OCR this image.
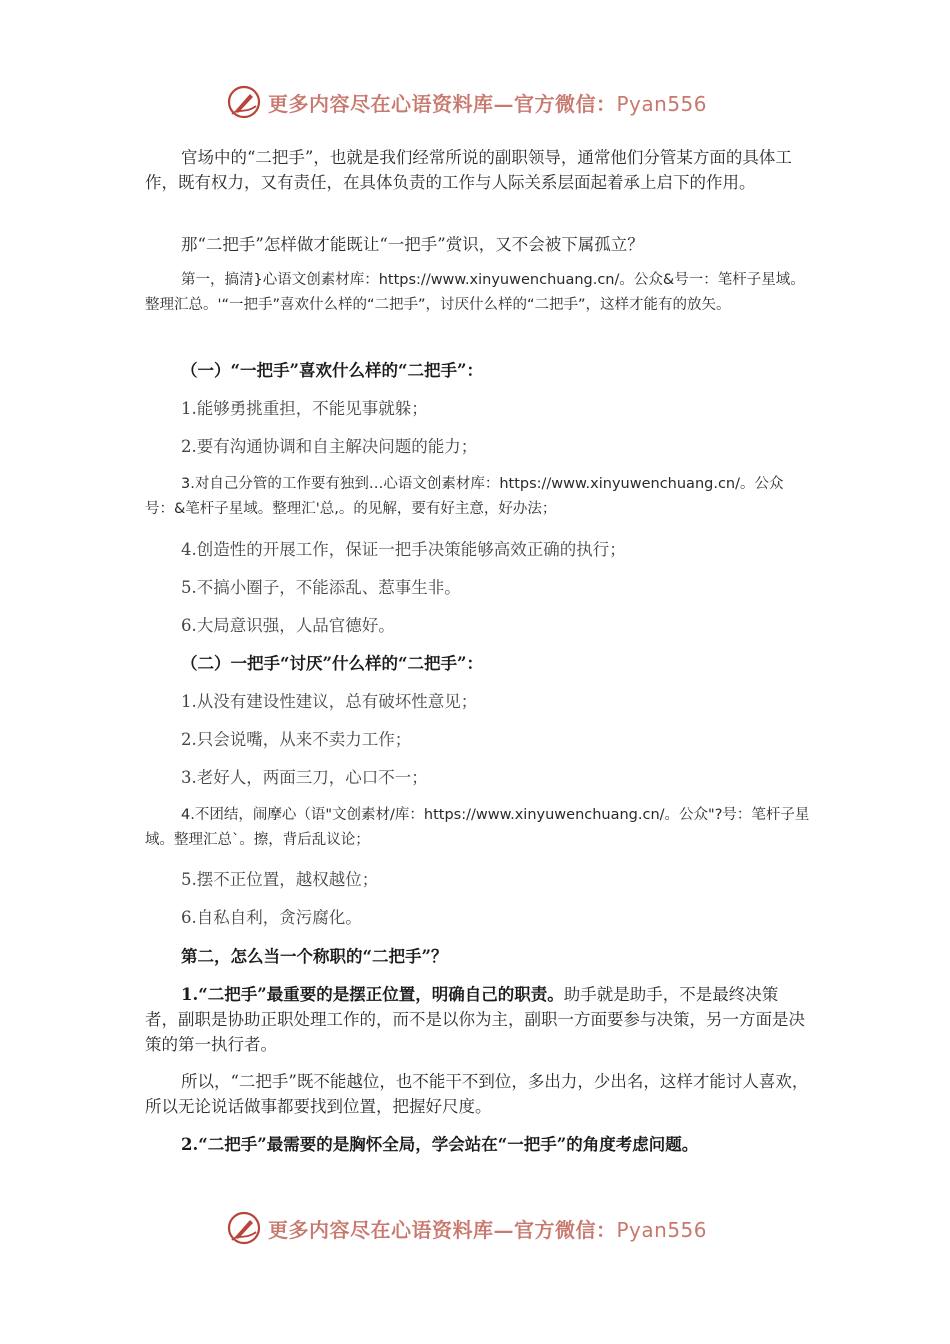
更多内容尽在心语资料库—官方微信：Pyan556

官场中的“二把手”，也就是我们经常所说的副职领导，通常他们分管某方面的具体工作，既有权力，又有责任，在具体负责的工作与人际关系层面起着承上启下的作用。

那“二把手”怎样做才能既让“一把手”赏识，又不会被下属孤立？

第一，搞清}心语文创素材库：https://www.xinyuwenchuang.cn/。公众&号一：笔杆子星域。整理汇总。'“一把手”喜欢什么样的“二把手”，讨厌什么样的“二把手”，这样才能有的放矢。

（一）“一把手”喜欢什么样的“二把手”：

1.能够勇挑重担，不能见事就躲；

2.要有沟通协调和自主解决问题的能力；

3.对自己分管的工作要有独到…心语文创素材库：https://www.xinyuwenchuang.cn/。公众号：&笔杆子星域。整理汇'总,。的见解，要有好主意，好办法；

4.创造性的开展工作，保证一把手决策能够高效正确的执行；

5.不搞小圈子，不能添乱、惹事生非。

6.大局意识强，人品官德好。

（二）一把手“讨厌”什么样的“二把手”：

1.从没有建设性建议，总有破坏性意见；

2.只会说嘴，从来不卖力工作；

3.老好人，两面三刀，心口不一；

4.不团结，闹摩心（语"文创素材/库：https://www.xinyuwenchuang.cn/。公众"?号：笔杆子星域。整理汇总`。擦，背后乱议论；

5.摆不正位置，越权越位；

6.自私自利，贪污腐化。

第二，怎么当一个称职的“二把手”？

1.“二把手”最重要的是摆正位置，明确自己的职责。助手就是助手，不是最终决策者，副职是协助正职处理工作的，而不是以你为主，副职一方面要参与决策，另一方面是决策的第一执行者。

所以，“二把手”既不能越位，也不能干不到位，多出力，少出名，这样才能讨人喜欢，所以无论说话做事都要找到位置，把握好尺度。

2.“二把手”最需要的是胸怀全局，学会站在“一把手”的角度考虑问题。

更多内容尽在心语资料库—官方微信：Pyan556
